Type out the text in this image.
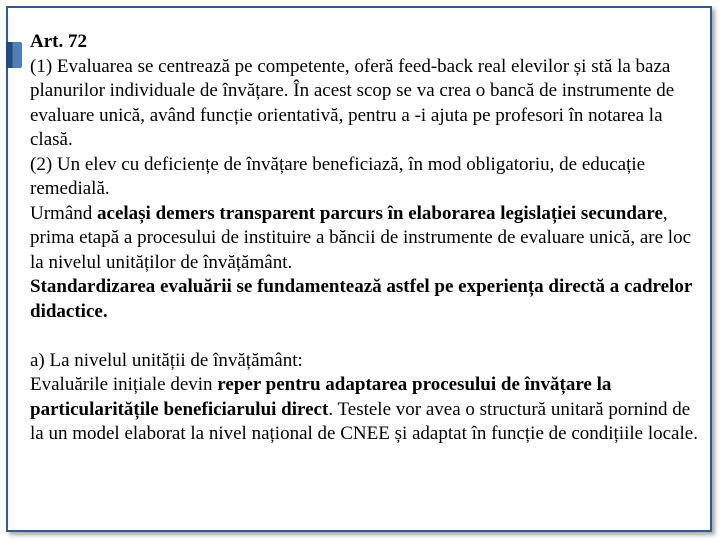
Art. 72

(1) Evaluarea se centrează pe competente, oferă feed-back real elevilor și stă la baza planurilor individuale de învățare. În acest scop se va crea o bancă de instrumente de evaluare unică, având funcție orientativă, pentru a -i ajuta pe profesori în notarea la clasă.

(2) Un elev cu deficiențe de învățare beneficiază, în mod obligatoriu, de educație remedială.

Urmând același demers transparent parcurs în elaborarea legislației secundare, prima etapă a procesului de instituire a băncii de instrumente de evaluare unică, are loc la nivelul unităților de învățământ.

Standardizarea evaluării se fundamentează astfel pe experiența directă a cadrelor didactice.

a) La nivelul unității de învățământ:

Evaluările inițiale devin reper pentru adaptarea procesului de învățare la particularitățile beneficiarului direct. Testele vor avea o structură unitară pornind de la un model elaborat la nivel național de CNEE și adaptat în funcție de condițiile locale.
